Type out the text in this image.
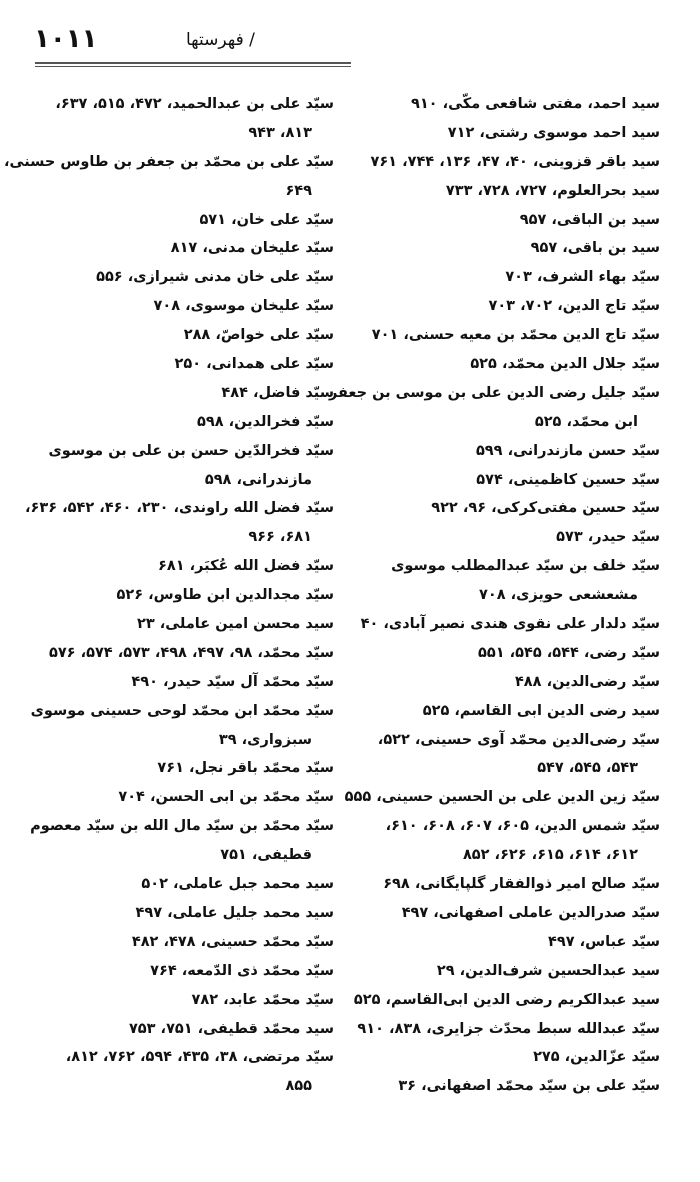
۱۰۱۱	/ فهرستها
سيد احمد، مفتی شافعی مکّی، ۹۱۰
سيد احمد موسوی رشتی، ۷۱۲
سيد باقر قزوينی، ۴۰، ۴۷، ۱۳۶، ۷۴۴، ۷۶۱
سيد بحرالعلوم، ۷۲۷، ۷۲۸، ۷۳۳
سيد بن الباقی، ۹۵۷
سيد بن باقی، ۹۵۷
سيّد بهاء الشرف، ۷۰۳
سيّد تاج الدين، ۷۰۲، ۷۰۳
سيّد تاج الدين محمّد بن معيه حسنی، ۷۰۱
سيّد جلال الدين محمّد، ۵۲۵
سيّد جليل رضی الدين علی بن موسی بن جعفر
ابن محمّد، ۵۲۵
سيّد حسن مازندرانی، ۵۹۹
سيّد حسين كاظمينی، ۵۷۴
سيّد حسين مفتی‌كركی، ۹۶، ۹۲۲
سيّد حيدر، ۵۷۳
سيّد خلف بن سيّد عبدالمطلب موسوی
مشعشعی حويزی، ۷۰۸
سيّد دلدار علی نقوی هندی نصير آبادی، ۴۰
سيّد رضی، ۵۴۴، ۵۴۵، ۵۵۱
سيّد رضی‌الدين، ۴۸۸
سيد رضی الدين ابی القاسم، ۵۲۵
سيّد رضی‌الدين محمّد آوی حسينی، ۵۲۲،
۵۴۳، ۵۴۵، ۵۴۷
سيّد زين الدين علی بن الحسين حسينی، ۵۵۵
سيّد شمس الدين، ۶۰۵، ۶۰۷، ۶۰۸، ۶۱۰،
۶۱۲، ۶۱۴، ۶۱۵، ۶۲۶، ۸۵۲
سيّد صالح امير ذوالفقار گلپايگانی، ۶۹۸
سيّد صدرالدين عاملی اصفهانی، ۴۹۷
سيّد عباس، ۴۹۷
سيد عبدالحسين شرف‌الدين، ۲۹
سيد عبدالكريم رضی الدين ابی‌القاسم، ۵۲۵
سيّد عبدالله سبط محدّث جزايری، ۸۳۸، ۹۱۰
سيّد عزّالدين، ۲۷۵
سيّد علی بن سيّد محمّد اصفهانی، ۳۶
سيّد علی بن عبدالحميد، ۴۷۲، ۵۱۵، ۶۳۷،
۸۱۳، ۹۴۳
سيّد علی بن محمّد بن جعفر بن طاوس حسنی،
۶۴۹
سيّد علی خان، ۵۷۱
سيّد عليخان مدنی، ۸۱۷
سيّد علی خان مدنی شيرازی، ۵۵۶
سيّد عليخان موسوی، ۷۰۸
سيّد علی خواصّ، ۲۸۸
سيّد علی همدانی، ۲۵۰
سيّد فاضل، ۴۸۴
سيّد فخرالدين، ۵۹۸
سيّد فخرالدّين حسن بن علی بن موسوی
مازندرانی، ۵۹۸
سيّد فضل الله راوندی، ۲۳۰، ۴۶۰، ۵۴۲، ۶۳۶،
۶۸۱، ۹۶۶
سيّد فضل الله عُكبَر، ۶۸۱
سيّد مجدالدين ابن طاوس، ۵۲۶
سيد محسن امين عاملی، ۲۳
سيّد محمّد، ۹۸، ۴۹۷، ۴۹۸، ۵۷۳، ۵۷۴، ۵۷۶
سيّد محمّد آل سيّد حيدر، ۴۹۰
سيّد محمّد ابن محمّد لوحی حسينی موسوی
سبزواری، ۳۹
سيّد محمّد باقر نجل، ۷۶۱
سيّد محمّد بن ابی الحسن، ۷۰۴
سيّد محمّد بن سيّد مال الله بن سيّد معصوم
قطيفی، ۷۵۱
سيد محمد جبل عاملی، ۵۰۲
سيد محمد جليل عاملی، ۴۹۷
سيّد محمّد حسينی، ۴۷۸، ۴۸۲
سيّد محمّد ذی الدّمعه، ۷۶۴
سيّد محمّد عابد، ۷۸۲
سيد محمّد قطيفی، ۷۵۱، ۷۵۳
سيّد مرتضی، ۳۸، ۴۳۵، ۵۹۴، ۷۶۲، ۸۱۲،
۸۵۵
